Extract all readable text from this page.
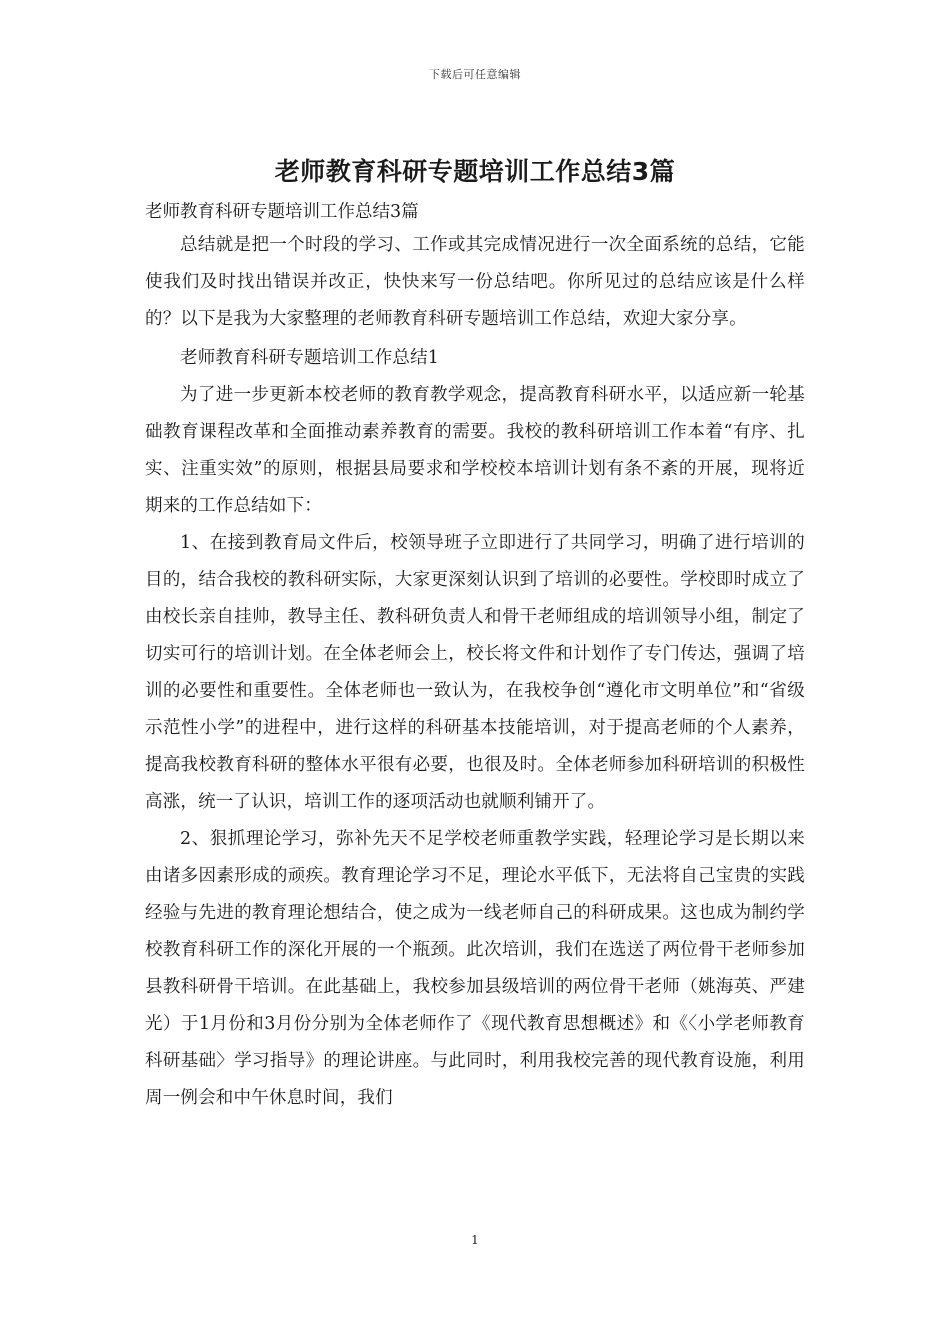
下载后可任意编辑
老师教育科研专题培训工作总结3篇

老师教育科研专题培训工作总结3篇

总结就是把一个时段的学习、工作或其完成情况进行一次全面系统的总结，它能使我们及时找出错误并改正，快快来写一份总结吧。你所见过的总结应该是什么样的？以下是我为大家整理的老师教育科研专题培训工作总结，欢迎大家分享。

老师教育科研专题培训工作总结1

为了进一步更新本校老师的教育教学观念，提高教育科研水平，以适应新一轮基础教育课程改革和全面推动素养教育的需要。我校的教科研培训工作本着“有序、扎实、注重实效”的原则，根据县局要求和学校校本培训计划有条不紊的开展，现将近期来的工作总结如下：

1、在接到教育局文件后，校领导班子立即进行了共同学习，明确了进行培训的目的，结合我校的教科研实际，大家更深刻认识到了培训的必要性。学校即时成立了由校长亲自挂帅，教导主任、教科研负责人和骨干老师组成的培训领导小组，制定了切实可行的培训计划。在全体老师会上，校长将文件和计划作了专门传达，强调了培训的必要性和重要性。全体老师也一致认为，在我校争创“遵化市文明单位”和“省级示范性小学”的进程中，进行这样的科研基本技能培训，对于提高老师的个人素养，提高我校教育科研的整体水平很有必要，也很及时。全体老师参加科研培训的积极性高涨，统一了认识，培训工作的逐项活动也就顺利铺开了。

2、狠抓理论学习，弥补先天不足学校老师重教学实践，轻理论学习是长期以来由诸多因素形成的顽疾。教育理论学习不足，理论水平低下，无法将自己宝贵的实践经验与先进的教育理论想结合，使之成为一线老师自己的科研成果。这也成为制约学校教育科研工作的深化开展的一个瓶颈。此次培训，我们在选送了两位骨干老师参加县教科研骨干培训。在此基础上，我校参加县级培训的两位骨干老师（姚海英、严建光）于1月份和3月份分别为全体老师作了《现代教育思想概述》和《〈小学老师教育科研基础〉学习指导》的理论讲座。与此同时，利用我校完善的现代教育设施，利用周一例会和中午休息时间，我们

1
